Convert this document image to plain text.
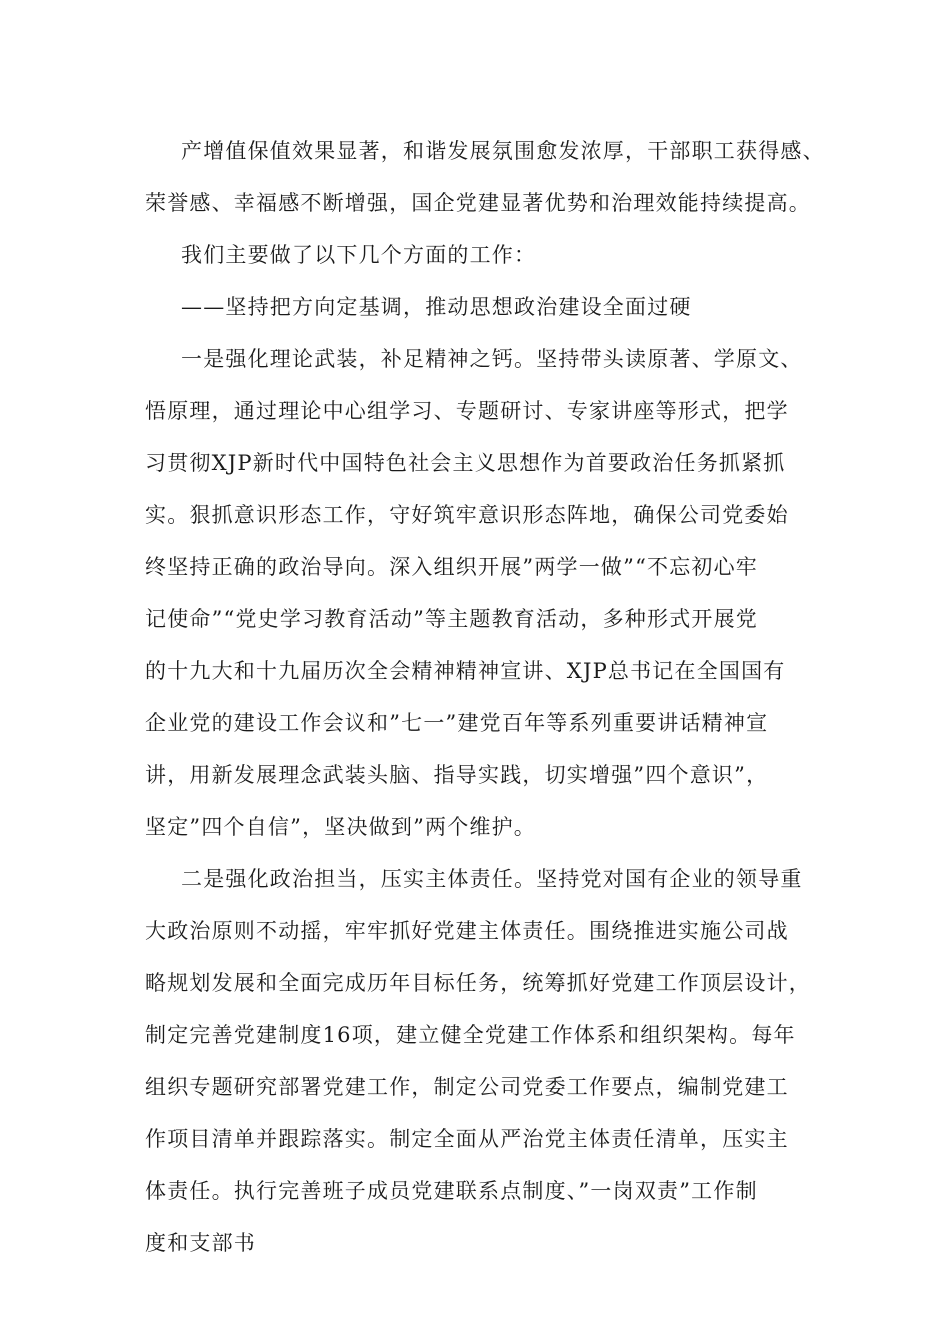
产增值保值效果显著，和谐发展氛围愈发浓厚，干部职工获得感、
荣誉感、幸福感不断增强，国企党建显著优势和治理效能持续提高。
我们主要做了以下几个方面的工作：
——坚持把方向定基调，推动思想政治建设全面过硬
一是强化理论武装，补足精神之钙。坚持带头读原著、学原文、
悟原理，通过理论中心组学习、专题研讨、专家讲座等形式，把学
习贯彻XJP新时代中国特色社会主义思想作为首要政治任务抓紧抓
实。狠抓意识形态工作，守好筑牢意识形态阵地，确保公司党委始
终坚持正确的政治导向。深入组织开展”两学一做”“不忘初心牢
记使命”“党史学习教育活动”等主题教育活动，多种形式开展党
的十九大和十九届历次全会精神精神宣讲、XJP总书记在全国国有
企业党的建设工作会议和”七一”建党百年等系列重要讲话精神宣
讲，用新发展理念武装头脑、指导实践，切实增强”四个意识”，
坚定”四个自信”，坚决做到”两个维护。
二是强化政治担当，压实主体责任。坚持党对国有企业的领导重
大政治原则不动摇，牢牢抓好党建主体责任。围绕推进实施公司战
略规划发展和全面完成历年目标任务，统筹抓好党建工作顶层设计，
制定完善党建制度16项，建立健全党建工作体系和组织架构。每年
组织专题研究部署党建工作，制定公司党委工作要点，编制党建工
作项目清单并跟踪落实。制定全面从严治党主体责任清单，压实主
体责任。执行完善班子成员党建联系点制度、”一岗双责”工作制
度和支部书
